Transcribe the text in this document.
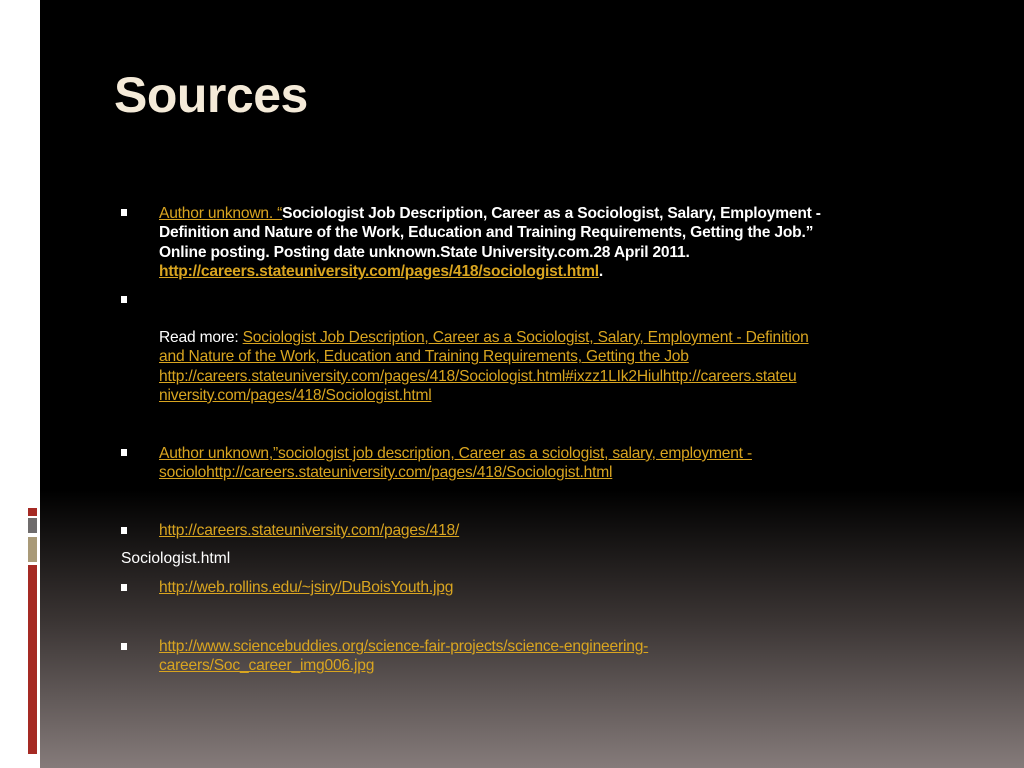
Sources
Author unknown. “Sociologist Job Description, Career as a Sociologist, Salary, Employment -
Definition and Nature of the Work, Education and Training Requirements, Getting the Job.”
Online posting. Posting date unknown.State University.com.28 April 2011.
http://careers.stateuniversity.com/pages/418/sociologist.html.
Read more: Sociologist Job Description, Career as a Sociologist, Salary, Employment - Definition
and Nature of the Work, Education and Training Requirements, Getting the Job
http://careers.stateuniversity.com/pages/418/Sociologist.html#ixzz1LIk2Hiulhttp://careers.stateu
niversity.com/pages/418/Sociologist.html
Author unknown,”sociologist job description, Career as a sciologist, salary, employment -
sociolohttp://careers.stateuniversity.com/pages/418/Sociologist.html
http://careers.stateuniversity.com/pages/418/
Sociologist.html
http://web.rollins.edu/~jsiry/DuBoisYouth.jpg
http://www.sciencebuddies.org/science-fair-projects/science-engineering-
careers/Soc_career_img006.jpg
